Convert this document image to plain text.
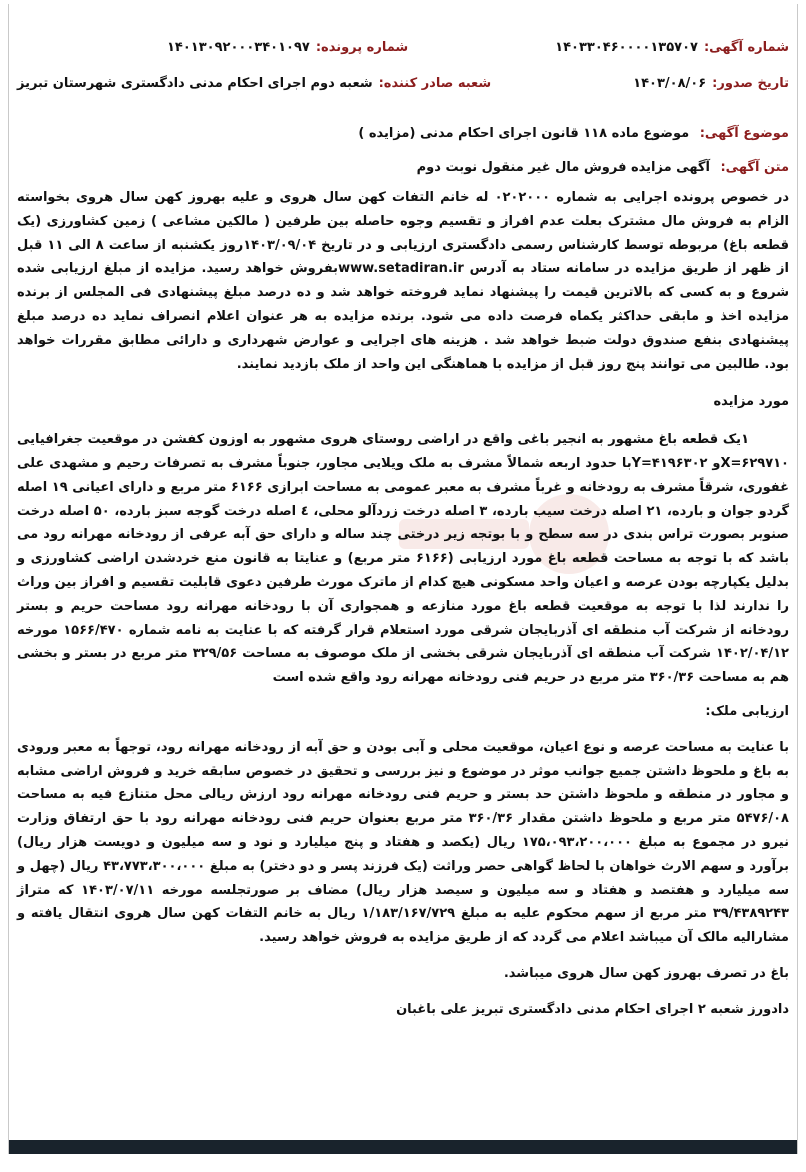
شماره آگهی:
۱۴۰۳۳۰۴۶۰۰۰۰۱۳۵۷۰۷
شماره پرونده:
۱۴۰۱۳۰۹۲۰۰۰۳۴۰۱۰۹۷
تاریخ صدور:
۱۴۰۳/۰۸/۰۶
شعبه صادر کننده:
شعبه دوم اجرای احکام مدنی دادگستری شهرستان تبریز
موضوع آگهی: موضوع ماده ۱۱۸ قانون اجرای احکام مدنی (مزایده )
متن آگهی: آگهی مزایده فروش مال غیر منقول نوبت دوم

در خصوص پرونده اجرایی به شماره ۰۲۰۲۰۰۰ له خانم التفات کهن سال هروی و علیه بهروز کهن سال هروی بخواسته الزام به فروش مال مشترک بعلت عدم افراز و تقسیم وجوه حاصله بین طرفین ( مالکین مشاعی ) زمین کشاورزی (یک قطعه باغ) مربوطه توسط کارشناس رسمی دادگستری ارزیابی و در تاریخ ۱۴۰۳/۰۹/۰۴روز یکشنبه از ساعت ۸ الی ۱۱ قبل از ظهر از طریق مزایده در سامانه ستاد به آدرس www.setadiran.irبفروش خواهد رسید. مزایده از مبلغ ارزیابی شده شروع و به کسی که بالاترین قیمت را پیشنهاد نماید فروخته خواهد شد و ده درصد مبلغ پیشنهادی فی المجلس از برنده مزایده اخذ و مابقی حداکثر یکماه فرصت داده می شود. برنده مزایده به هر عنوان اعلام انصراف نماید ده درصد مبلغ پیشنهادی بنفع صندوق دولت ضبط خواهد شد . هزینه های اجرایی و عوارض شهرداری و دارائی مطابق مقررات خواهد بود. طالبین می توانند پنج روز قبل از مزایده با هماهنگی این واحد از ملک بازدید نمایند.

مورد مزایده

۱یک قطعه باغ مشهور به انجیر باغی واقع در اراضی روستای هروی مشهور به اوزون کفشن در موقعیت جغرافیایی X=۶۲۹۷۱۰و Y=۴۱۹۶۳۰۲با حدود اربعه شمالاً مشرف به ملک ویلایی مجاور، جنوباً مشرف به تصرفات رحیم و مشهدی علی غفوری، شرقاً مشرف به رودخانه و غرباً مشرف به معبر عمومی به مساحت ابرازی ۶۱۶۶ متر مربع و دارای اعیانی ۱۹ اصله گردو جوان و بارده، ۲۱ اصله درخت سیب بارده، ۳ اصله درخت زردآلو محلی، ٤ اصله درخت گوجه سبز بارده، ۵۰ اصله درخت صنوبر بصورت تراس بندی در سه سطح و با بوتجه زیر درختی چند ساله و دارای حق آبه عرفی از رودخانه مهرانه رود می باشد که با توجه به مساحت قطعه باغ مورد ارزیابی (۶۱۶۶ متر مربع) و عنایتا به قانون منع خردشدن اراضی کشاورزی و بدلیل یکپارچه بودن عرصه و اعیان واحد مسکونی هیچ کدام از ماترک مورث طرفین دعوی قابلیت تقسیم و افراز بین وراث را ندارند لذا با توجه به موقعیت قطعه باغ مورد منازعه و همجواری آن با رودخانه مهرانه رود مساحت حریم و بستر رودخانه از شرکت آب منطقه ای آذربایجان شرقی مورد استعلام قرار گرفته که با عنایت به نامه شماره ۱۵۶۶/۴۷۰ مورخه ۱۴۰۲/۰۴/۱۲ شرکت آب منطقه ای آذربایجان شرقی بخشی از ملک موصوف به مساحت ۳۲۹/۵۶ متر مربع در بستر و بخشی هم به مساحت ۳۶۰/۳۶ متر مربع در حریم فنی رودخانه مهرانه رود واقع شده است

ارزیابی ملک:

با عنایت به مساحت عرصه و نوع اعیان، موقعیت محلی و آبی بودن و حق آبه از رودخانه مهرانه رود، توجهاً به معبر ورودی به باغ و ملحوظ داشتن جمیع جوانب موثر در موضوع و نیز بررسی و تحقیق در خصوص سابقه خرید و فروش اراضی مشابه و مجاور در منطقه و ملحوظ داشتن حد بستر و حریم فنی رودخانه مهرانه رود ارزش ریالی محل متنازع فیه به مساحت ۵۴۷۶/۰۸ متر مربع و ملحوظ داشتن مقدار ۳۶۰/۳۶ متر مربع بعنوان حریم فنی رودخانه مهرانه رود با حق ارتفاق وزارت نیرو در مجموع به مبلغ ۱۷۵،۰۹۳،۲۰۰،۰۰۰ ریال (یکصد و هفتاد و پنج میلیارد و نود و سه میلیون و دویست هزار ریال) برآورد و سهم الارث خواهان با لحاظ گواهی حصر وراثت (یک فرزند پسر و دو دختر) به مبلغ ۴۳،۷۷۳،۳۰۰،۰۰۰ ریال (چهل و سه میلیارد و هفتصد و هفتاد و سه میلیون و سیصد هزار ریال) مضاف بر صورتجلسه مورخه ۱۴۰۳/۰۷/۱۱ که متراژ ۳۹/۴۳۸۹۲۴۳ متر مربع از سهم محکوم علیه به مبلغ ۱/۱۸۳/۱۶۷/۷۲۹ ریال به خانم التفات کهن سال هروی انتقال یافته و مشارالیه مالک آن میباشد اعلام می گردد که از طریق مزایده به فروش خواهد رسید.

باغ در تصرف بهروز کهن سال هروی میباشد.

دادورز شعبه ۲ اجرای احکام مدنی دادگستری تبریز علی باغبان
